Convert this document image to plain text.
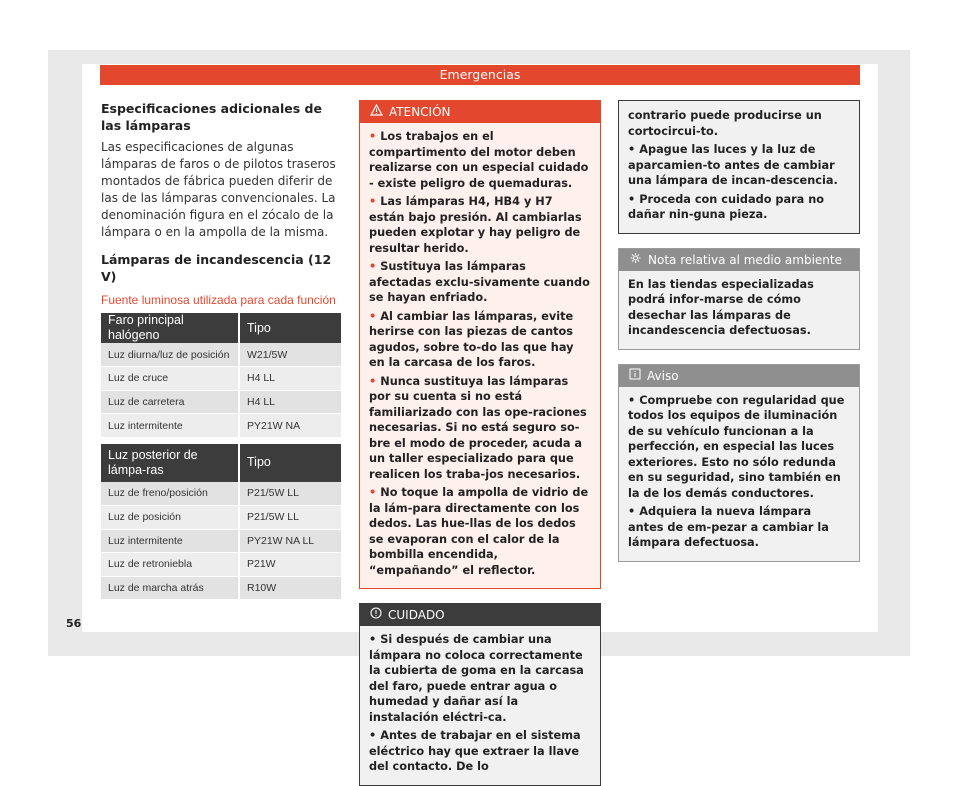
Emergencias
Especificaciones adicionales de las lámparas
Las especificaciones de algunas lámparas de faros o de pilotos traseros montados de fábrica pueden diferir de las de las lámparas convencionales. La denominación figura en el zócalo de la lámpara o en la ampolla de la misma.
Lámparas de incandescencia (12 V)
Fuente luminosa utilizada para cada función
Faro principal halógeno	Tipo
Luz diurna/luz de posición	W21/5W
Luz de cruce	H4 LL
Luz de carretera	H4 LL
Luz intermitente	PY21W NA
Luz posterior de lámpa-ras	Tipo
Luz de freno/posición	P21/5W LL
Luz de posición	P21/5W LL
Luz intermitente	PY21W NA LL
Luz de retroniebla	P21W
Luz de marcha atrás	R10W
ATENCIÓN

• Los trabajos en el compartimento del motor deben realizarse con un especial cuidado - existe peligro de quemaduras.

• Las lámparas H4, HB4 y H7 están bajo presión. Al cambiarlas pueden explotar y hay peligro de resultar herido.

• Sustituya las lámparas afectadas exclu-sivamente cuando se hayan enfriado.

• Al cambiar las lámparas, evite herirse con las piezas de cantos agudos, sobre to-do las que hay en la carcasa de los faros.

• Nunca sustituya las lámparas por su cuenta si no está familiarizado con las ope-raciones necesarias. Si no está seguro so-bre el modo de proceder, acuda a un taller especializado para que realicen los traba-jos necesarios.

• No toque la ampolla de vidrio de la lám-para directamente con los dedos. Las hue-llas de los dedos se evaporan con el calor de la bombilla encendida, “empañando” el reflector.

CUIDADO

• Si después de cambiar una lámpara no coloca correctamente la cubierta de goma en la carcasa del faro, puede entrar agua o humedad y dañar así la instalación eléctri-ca.

• Antes de trabajar en el sistema eléctrico hay que extraer la llave del contacto. De lo

contrario puede producirse un cortocircui-to.

• Apague las luces y la luz de aparcamien-to antes de cambiar una lámpara de incan-descencia.

• Proceda con cuidado para no dañar nin-guna pieza.

Nota relativa al medio ambiente

En las tiendas especializadas podrá infor-marse de cómo desechar las lámparas de incandescencia defectuosas.

Aviso

• Compruebe con regularidad que todos los equipos de iluminación de su vehículo funcionan a la perfección, en especial las luces exteriores. Esto no sólo redunda en su seguridad, sino también en la de los demás conductores.

• Adquiera la nueva lámpara antes de em-pezar a cambiar la lámpara defectuosa.

56
